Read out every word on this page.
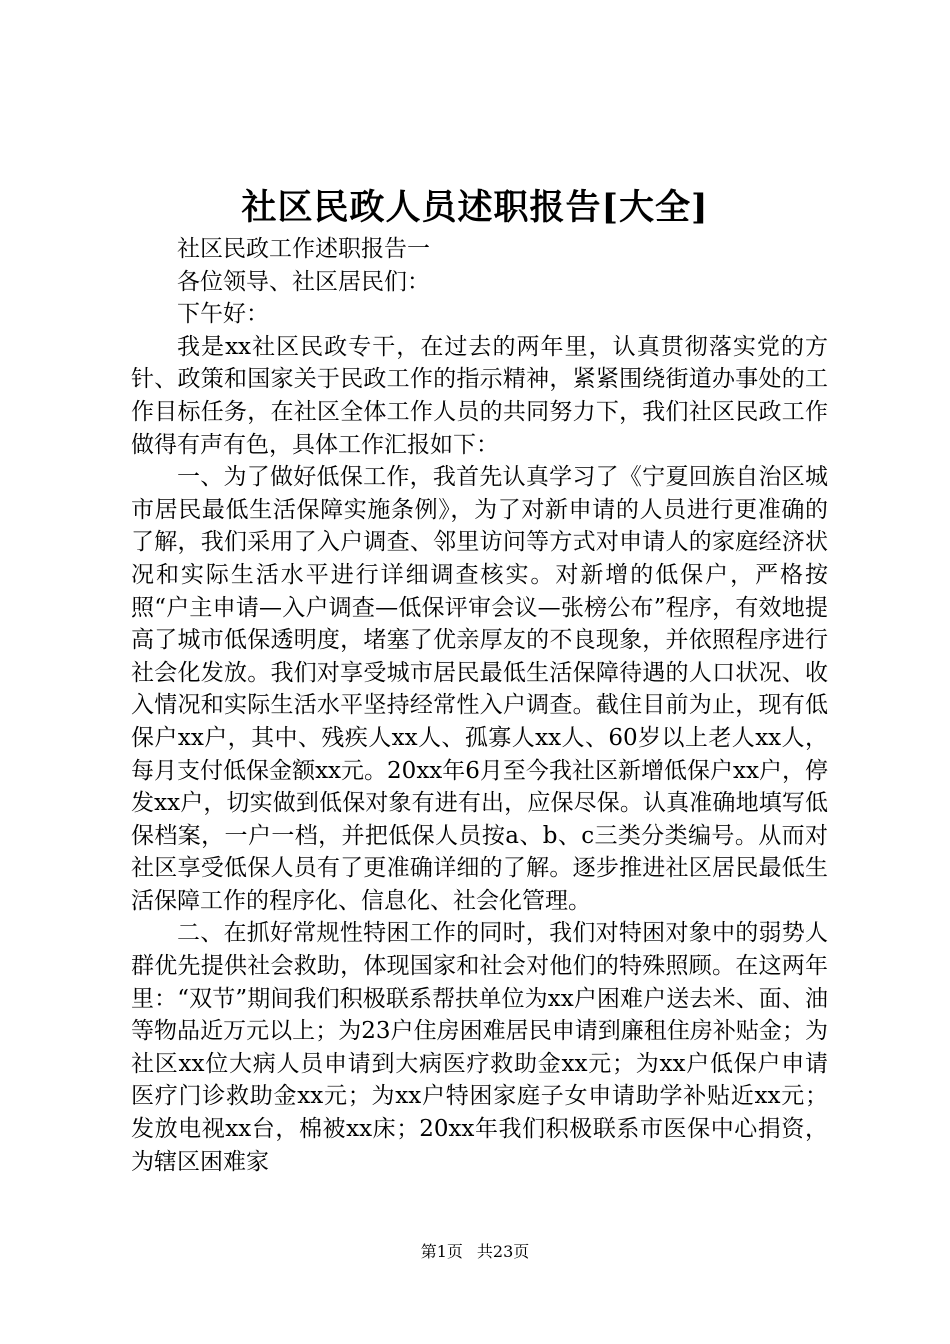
社区民政人员述职报告[大全]

社区民政工作述职报告一

各位领导、社区居民们：

下午好：

我是xx社区民政专干，在过去的两年里，认真贯彻落实党的方针、政策和国家关于民政工作的指示精神，紧紧围绕街道办事处的工作目标任务，在社区全体工作人员的共同努力下，我们社区民政工作做得有声有色，具体工作汇报如下：

一、为了做好低保工作，我首先认真学习了《宁夏回族自治区城市居民最低生活保障实施条例》，为了对新申请的人员进行更准确的了解，我们采用了入户调查、邻里访问等方式对申请人的家庭经济状况和实际生活水平进行详细调查核实。对新增的低保户，严格按照“户主申请—入户调查—低保评审会议—张榜公布”程序，有效地提高了城市低保透明度，堵塞了优亲厚友的不良现象，并依照程序进行社会化发放。我们对享受城市居民最低生活保障待遇的人口状况、收入情况和实际生活水平坚持经常性入户调查。截住目前为止，现有低保户xx户，其中、残疾人xx人、孤寡人xx人、60岁以上老人xx人，每月支付低保金额xx元。20xx年6月至今我社区新增低保户xx户，停发xx户，切实做到低保对象有进有出，应保尽保。认真准确地填写低保档案，一户一档，并把低保人员按a、b、c三类分类编号。从而对社区享受低保人员有了更准确详细的了解。逐步推进社区居民最低生活保障工作的程序化、信息化、社会化管理。

二、在抓好常规性特困工作的同时，我们对特困对象中的弱势人群优先提供社会救助，体现国家和社会对他们的特殊照顾。在这两年里：“双节”期间我们积极联系帮扶单位为xx户困难户送去米、面、油等物品近万元以上；为23户住房困难居民申请到廉租住房补贴金；为社区xx位大病人员申请到大病医疗救助金xx元；为xx户低保户申请医疗门诊救助金xx元；为xx户特困家庭子女申请助学补贴近xx元；发放电视xx台，棉被xx床；20xx年我们积极联系市医保中心捐资，为辖区困难家

第1页 共23页
